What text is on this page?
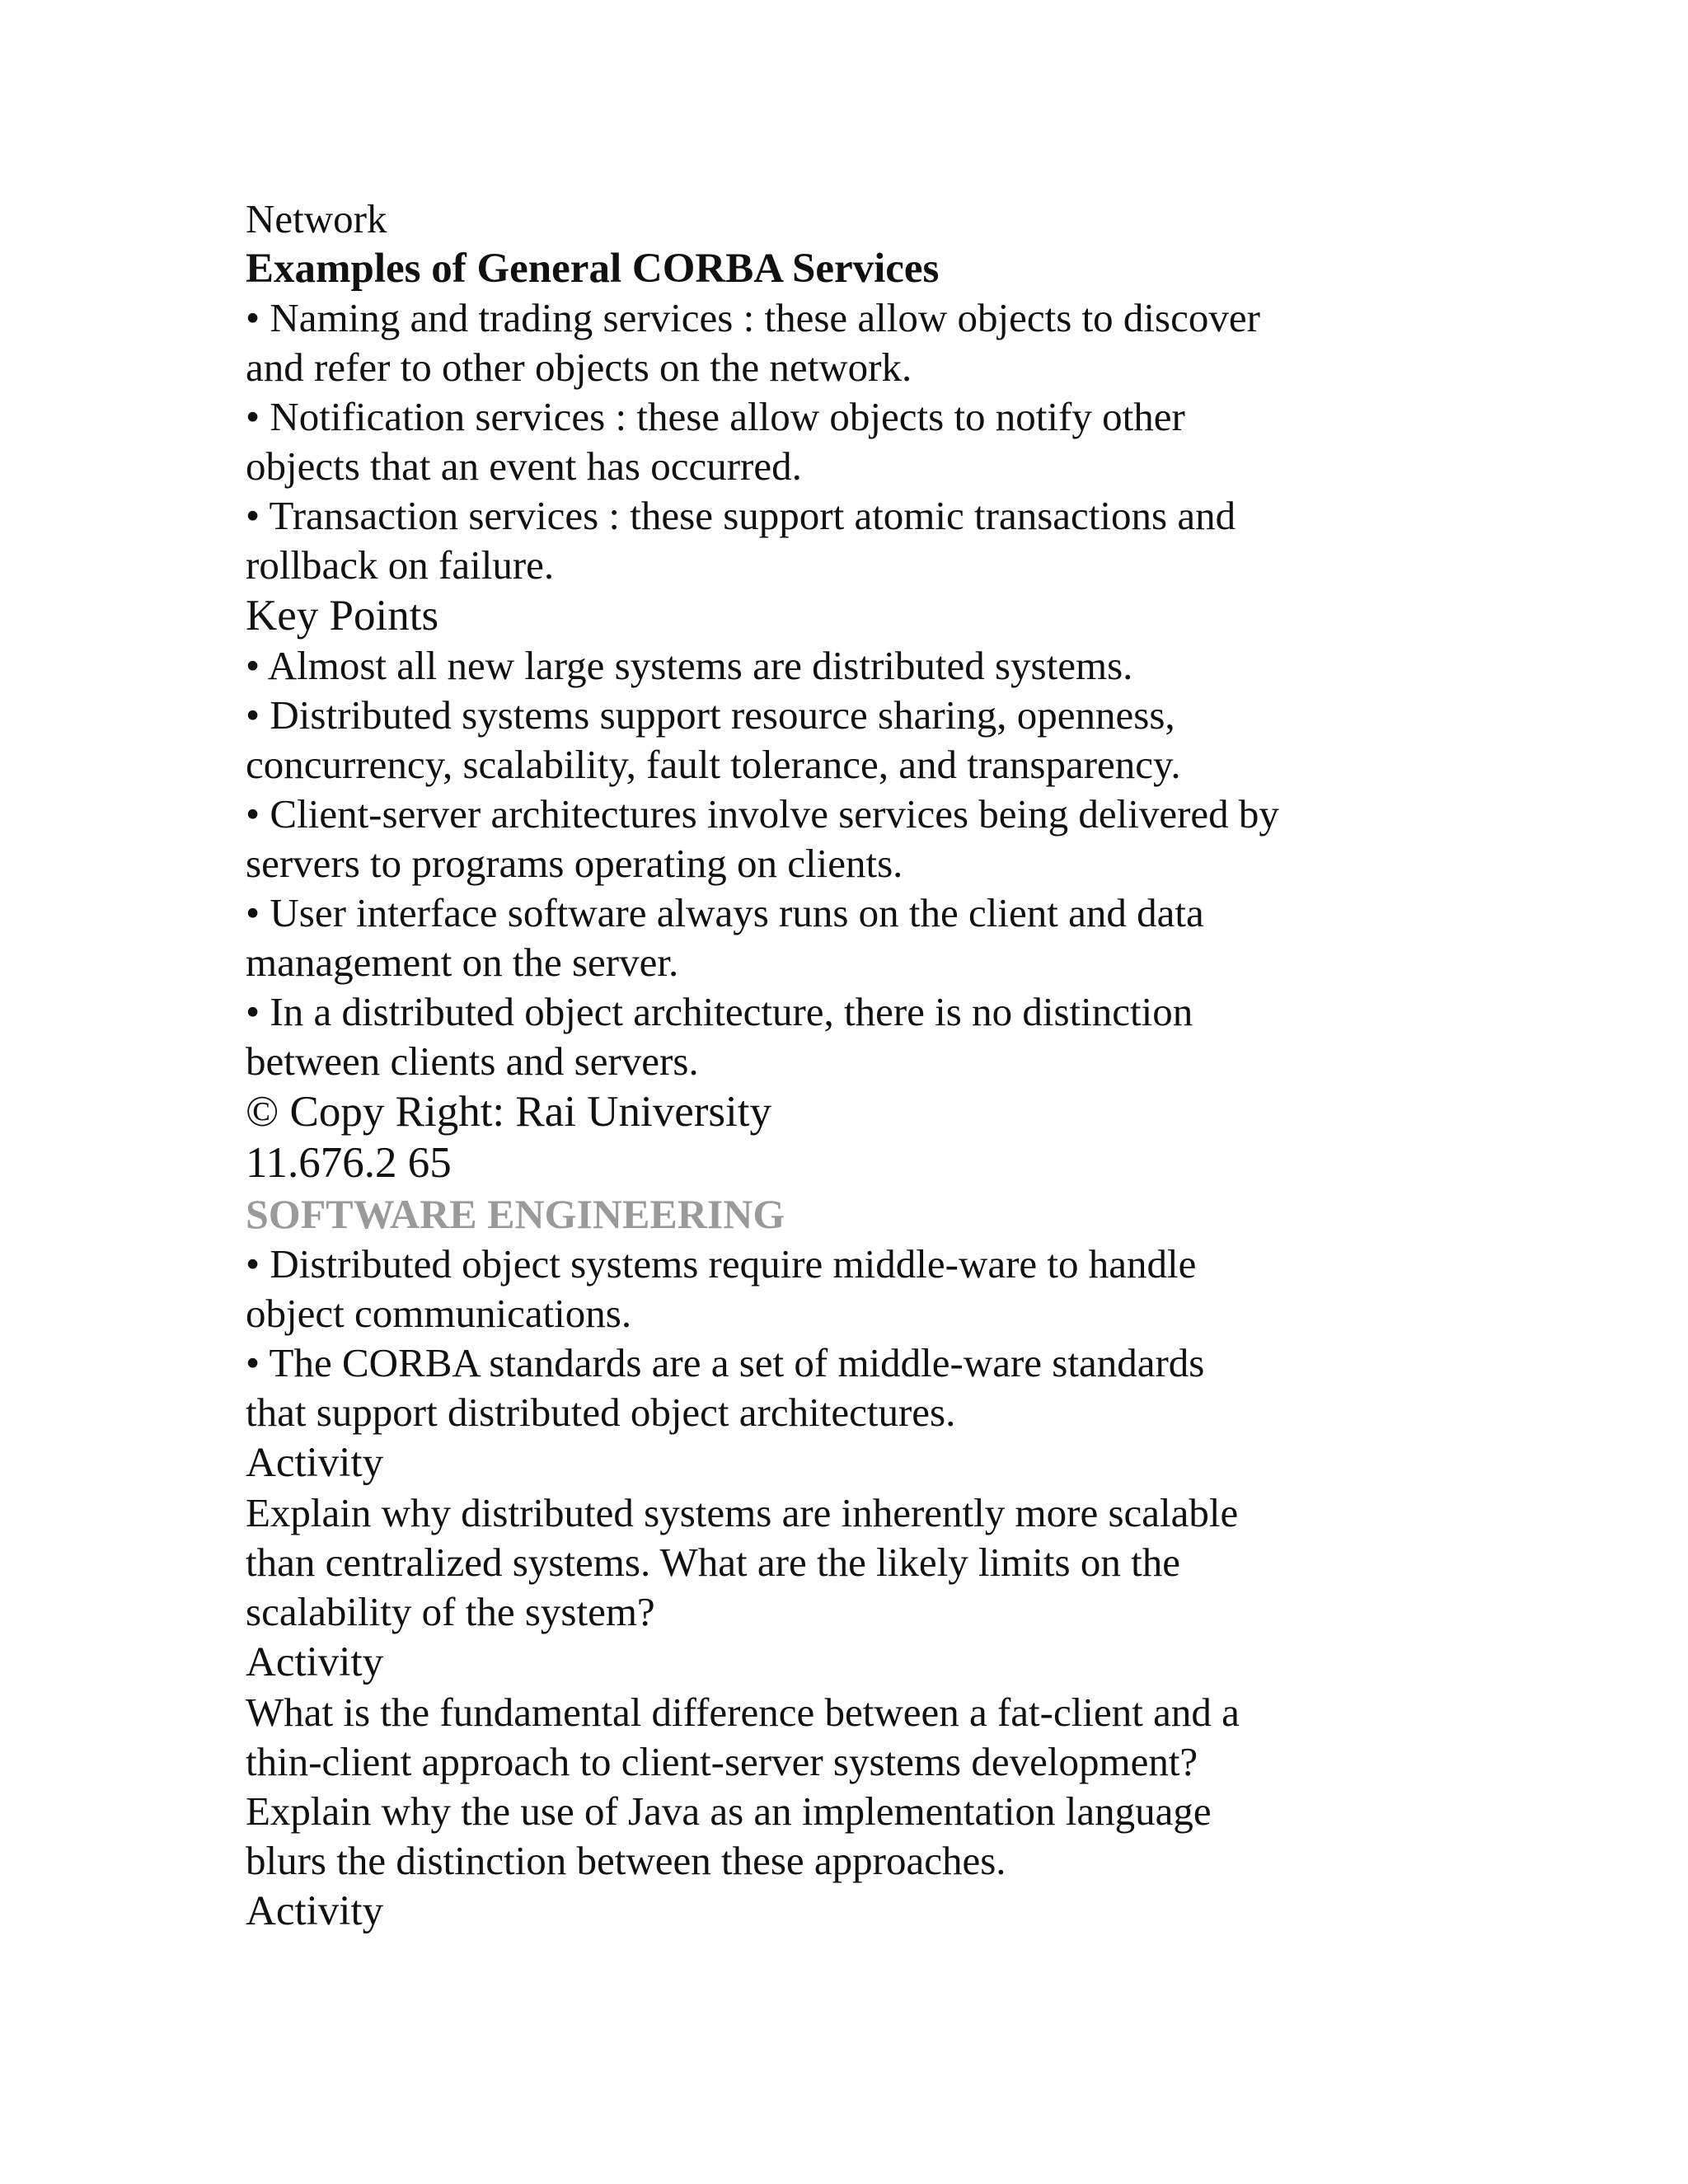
Network
Examples of General CORBA Services
• Naming and trading services : these allow objects to discover
and refer to other objects on the network.
• Notification services : these allow objects to notify other
objects that an event has occurred.
• Transaction services : these support atomic transactions and
rollback on failure.
Key Points
• Almost all new large systems are distributed systems.
• Distributed systems support resource sharing, openness,
concurrency, scalability, fault tolerance, and transparency.
• Client-server architectures involve services being delivered by
servers to programs operating on clients.
• User interface software always runs on the client and data
management on the server.
• In a distributed object architecture, there is no distinction
between clients and servers.
© Copy Right: Rai University
11.676.2 65
SOFTWARE ENGINEERING
• Distributed object systems require middle-ware to handle
object communications.
• The CORBA standards are a set of middle-ware standards
that support distributed object architectures.
Activity
Explain why distributed systems are inherently more scalable
than centralized systems. What are the likely limits on the
scalability of the system?
Activity
What is the fundamental difference between a fat-client and a
thin-client approach to client-server systems development?
Explain why the use of Java as an implementation language
blurs the distinction between these approaches.
Activity
